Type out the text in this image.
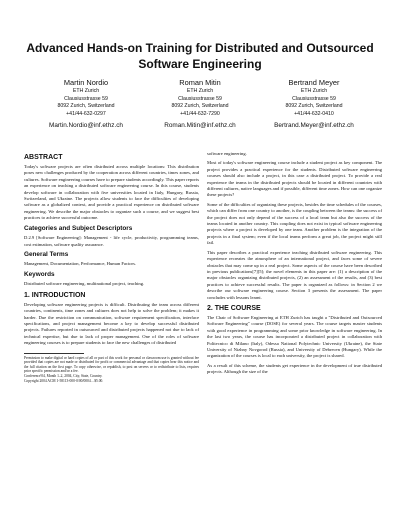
Advanced Hands-on Training for Distributed and Outsourced Software Engineering
Martin Nordio
ETH Zurich
Clausiusstrasse 59
8092 Zurich, Switzerland
+41/44-632-0297
Martin.Nordio@inf.ethz.ch
Roman Mitin
ETH Zurich
Clausiusstrasse 59
8092 Zurich, Switzerland
+41/44-632-7290
Roman.Mitin@inf.ethz.ch
Bertrand Meyer
ETH Zurich
Clausiusstrasse 59
8092 Zurich, Switzerland
+41/44-632-0410
Bertrand.Meyer@inf.ethz.ch
ABSTRACT

Today's software projects are often distributed across multiple locations: This distribution poses new challenges produced by the cooperation across different countries, times zones, and cultures. Software engineering courses have to prepare students accordingly. This paper reports an experience on teaching a distributed software engineering course. In this course, students develop software in collaboration with five universities located in Italy, Hungary, Russia, Switzerland, and Ukraine. The projects allow students to face the difficulties of developing software as a globalized context, and provide a practical experience on distributed software engineering. We describe the major obstacles to organize such a course, and we suggest best practices to achieve successful outcome.

Categories and Subject Descriptors

D.2.9 [Software Engineering]: Management - life cycle, productivity, programming teams, cost estimation, software quality assurance.

General Terms

Management, Documentation, Performance, Human Factors.

Keywords

Distributed software engineering, multinational project, teaching.

1. INTRODUCTION

Developing software engineering projects is difficult. Distributing the team across different countries, continents, time zones and cultures does not help to solve the problem; it makes it harder. Due the restriction on communication, software requirement specification, interface specifications, and project management become a key to develop successful distributed projects. Failures reported in outsourced and distributed projects happened not due to lack of technical expertise, but due to lack of proper management. One of the roles of software engineering courses is to prepare students to face the new challenges of distributed

Permission to make digital or hard copies of all or part of this work for personal or classroom use is granted without fee provided that copies are not made or distributed for profit or commercial advantage and that copies bear this notice and the full citation on the first page. To copy otherwise, or republish, to post on servers or to redistribute to lists, requires prior specific permission and/or a fee.

Conference'04, Month 1–2, 2004, City, State, Country.

Copyright 2004 ACM 1-58113-000-0/00/0004…$5.00.

software engineering.

Most of today's software engineering course include a student project as key component. The project provides a practical experience for the students. Distributed software engineering courses should also include a project, in this case a distributed project. To provide a real experience the teams in the distributed projects should be located in different countries with different cultures, native languages and if possible, different time zones. How can one organize these projects?

Some of the difficulties of organizing these projects, besides the time schedules of the courses, which can differ from one country to another, is the coupling between the teams: the success of the project does not only depend of the success of a local team but also the success of the teams located in another country. This coupling does not exist in typical software engineering projects where a project is developed by one team. Another problem is the integration of the projects in a final system; even if the local teams perform a great job, the project might still fail.

This paper describes a practical experience teaching distributed software engineering. This experience recreates the atmosphere of an international project, and faces some of severe obstacles that may come up in a real project. Some aspects of the course have been described in previous publications[7][5]; the novel elements in this paper are: (1) a description of the major obstacles organizing distributed projects, (2) an assessment of the results, and (3) best practices to achieve successful results. The paper is organized as follows: in Section 2 we describe our software engineering course. Section 3 presents the assessment. The paper concludes with lessons learnt.

2. THE COURSE

The Chair of Software Engineering at ETH Zurich has taught a "Distributed and Outsourced Software Engineering" course (DOSE) for several years. The course targets master students with good experience in programming and some prior knowledge in software engineering. In the last two years, the course has incorporated a distributed project in collaboration with Politecnico di Milano (Italy), Odessa National Polytechnic University (Ukraine), the State University of Nizhny Novgorod (Russia), and University of Debrecen (Hungary). While the organization of the courses is local to each university, the project is shared.

As a result of this scheme, the students get experience in the development of true distributed projects. Although the size of the
